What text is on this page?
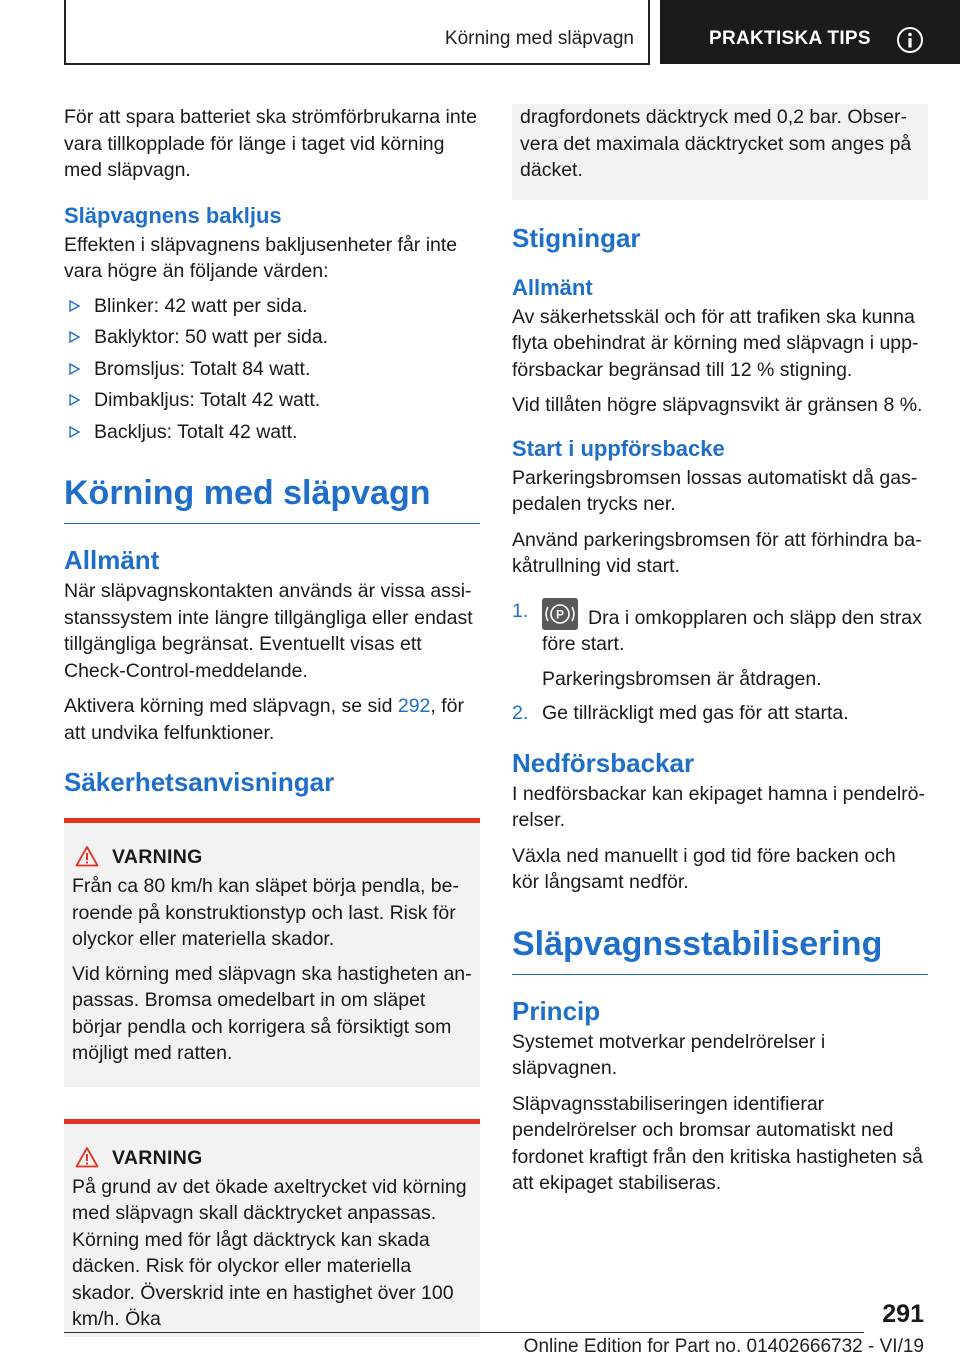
Körning med släpvagn	PRAKTISKA TIPS

För att spara batteriet ska strömförbrukarna inte vara tillkopplade för länge i taget vid körning med släpvagn.

Släpvagnens bakljus

Effekten i släpvagnens bakljusenheter får inte vara högre än följande värden:

Blinker: 42 watt per sida.
Baklyktor: 50 watt per sida.
Bromsljus: Totalt 84 watt.
Dimbakljus: Totalt 42 watt.
Backljus: Totalt 42 watt.
Körning med släpvagn
Allmänt

När släpvagnskontakten används är vissa assistanssystem inte längre tillgängliga eller endast tillgängliga begränsat. Eventuellt visas ett Check-Control-meddelande.

Aktivera körning med släpvagn, se sid 292, för att undvika felfunktioner.

Säkerhetsanvisningar
VARNING

Från ca 80 km/h kan släpet börja pendla, beroende på konstruktionstyp och last. Risk för olyckor eller materiella skador.

Vid körning med släpvagn ska hastigheten anpassas. Bromsa omedelbart in om släpet börjar pendla och korrigera så försiktigt som möjligt med ratten.

VARNING

På grund av det ökade axeltrycket vid körning med släpvagn skall däcktrycket anpassas. Körning med för lågt däcktryck kan skada däcken. Risk för olyckor eller materiella skador. Överskrid inte en hastighet över 100 km/h. Öka

dragfordonets däcktryck med 0,2 bar. Observera det maximala däcktrycket som anges på däcket.

Stigningar
Allmänt

Av säkerhetsskäl och för att trafiken ska kunna flyta obehindrat är körning med släpvagn i uppförsbackar begränsad till 12 % stigning.

Vid tillåten högre släpvagnsvikt är gränsen 8 %.

Start i uppförsbacke

Parkeringsbromsen lossas automatiskt då gaspedalen trycks ner.

Använd parkeringsbromsen för att förhindra bakåtrullning vid start.

1. P Dra i omkopplaren och släpp den strax före start.
Parkeringsbromsen är åtdragen.
2. Ge tillräckligt med gas för att starta.
Nedförsbackar

I nedförsbackar kan ekipaget hamna i pendelrörelser.

Växla ned manuellt i god tid före backen och kör långsamt nedför.

Släpvagnsstabilisering
Princip

Systemet motverkar pendelrörelser i släpvagnen.

Släpvagnsstabiliseringen identifierar pendelrörelser och bromsar automatiskt ned fordonet kraftigt från den kritiska hastigheten så att ekipaget stabiliseras.

291
Online Edition for Part no. 01402666732 - VI/19
